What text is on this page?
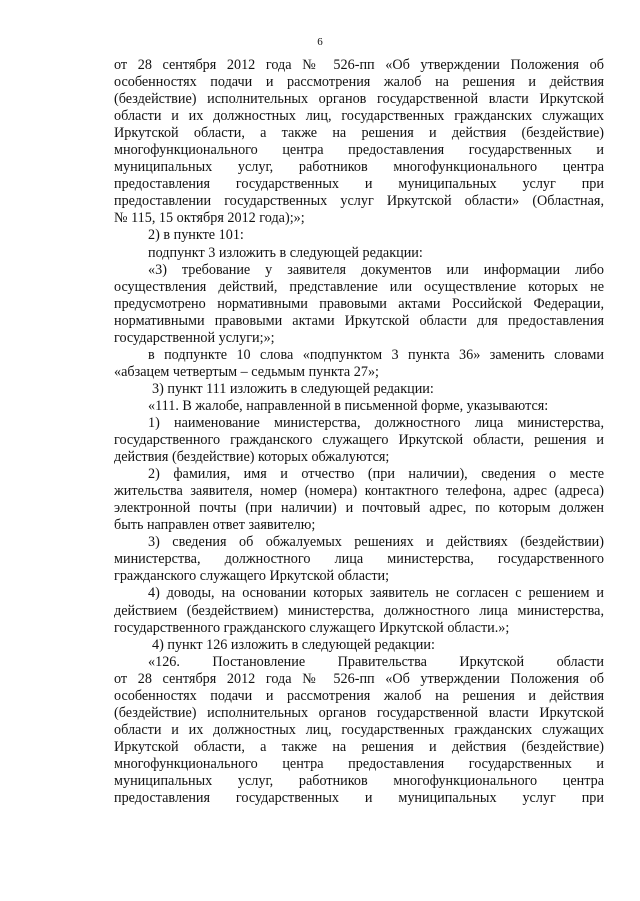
6

от 28 сентября 2012 года № 526-пп «Об утверждении Положения об
особенностях подачи и рассмотрения жалоб на решения и действия
(бездействие) исполнительных органов государственной власти Иркутской
области и их должностных лиц, государственных гражданских служащих
Иркутской области, а также на решения и действия (бездействие)
многофункционального центра предоставления государственных и
муниципальных услуг, работников многофункционального центра
предоставления государственных и муниципальных услуг при
предоставлении государственных услуг Иркутской области» (Областная,
№ 115, 15 октября 2012 года);»;

2) в пункте 101:

подпункт 3 изложить в следующей редакции:

«3) требование у заявителя документов или информации либо
осуществления действий, представление или осуществление которых не
предусмотрено нормативными правовыми актами Российской Федерации,
нормативными правовыми актами Иркутской области для предоставления
государственной услуги;»;

в подпункте 10 слова «подпунктом 3 пункта 36» заменить словами
«абзацем четвертым – седьмым пункта 27»;

3) пункт 111 изложить в следующей редакции:

«111. В жалобе, направленной в письменной форме, указываются:

1) наименование министерства, должностного лица министерства,
государственного гражданского служащего Иркутской области, решения и
действия (бездействие) которых обжалуются;

2) фамилия, имя и отчество (при наличии), сведения о месте
жительства заявителя, номер (номера) контактного телефона, адрес (адреса)
электронной почты (при наличии) и почтовый адрес, по которым должен
быть направлен ответ заявителю;

3) сведения об обжалуемых решениях и действиях (бездействии)
министерства, должностного лица министерства, государственного
гражданского служащего Иркутской области;

4) доводы, на основании которых заявитель не согласен с решением и
действием (бездействием) министерства, должностного лица министерства,
государственного гражданского служащего Иркутской области.»;

4) пункт 126 изложить в следующей редакции:

«126. Постановление Правительства Иркутской области
от 28 сентября 2012 года № 526-пп «Об утверждении Положения об
особенностях подачи и рассмотрения жалоб на решения и действия
(бездействие) исполнительных органов государственной власти Иркутской
области и их должностных лиц, государственных гражданских служащих
Иркутской области, а также на решения и действия (бездействие)
многофункционального центра предоставления государственных и
муниципальных услуг, работников многофункционального центра
предоставления государственных и муниципальных услуг при
